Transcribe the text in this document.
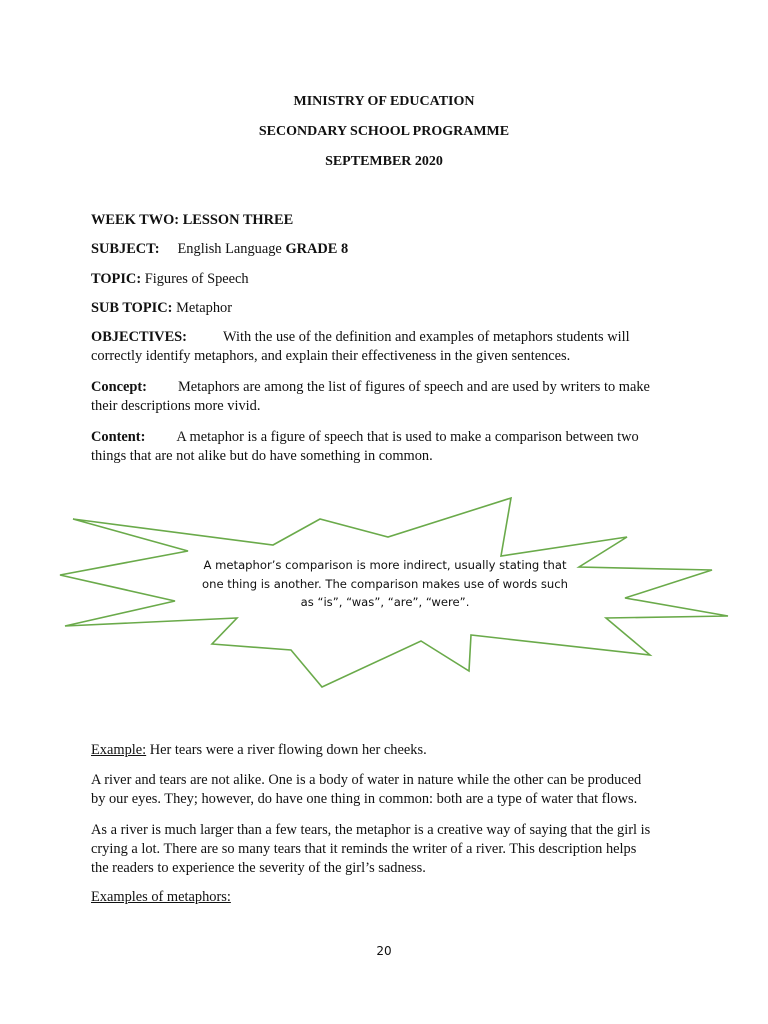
MINISTRY OF EDUCATION
SECONDARY SCHOOL PROGRAMME
SEPTEMBER 2020
WEEK TWO: LESSON THREE
SUBJECT: English Language GRADE 8
TOPIC: Figures of Speech
SUB TOPIC: Metaphor
OBJECTIVES:	With the use of the definition and examples of metaphors students will
correctly identify metaphors, and explain their effectiveness in the given sentences.
Concept: Metaphors are among the list of figures of speech and are used by writers to make
their descriptions more vivid.
Content: A metaphor is a figure of speech that is used to make a comparison between two
things that are not alike but do have something in common.
A metaphor’s comparison is more indirect, usually stating that
one thing is another. The comparison makes use of words such
as “is”, “was”, “are”, “were”.
Example: Her tears were a river flowing down her cheeks.
A river and tears are not alike. One is a body of water in nature while the other can be produced
by our eyes. They; however, do have one thing in common: both are a type of water that flows.
As a river is much larger than a few tears, the metaphor is a creative way of saying that the girl is
crying a lot. There are so many tears that it reminds the writer of a river. This description helps
the readers to experience the severity of the girl’s sadness.
Examples of metaphors:
20
